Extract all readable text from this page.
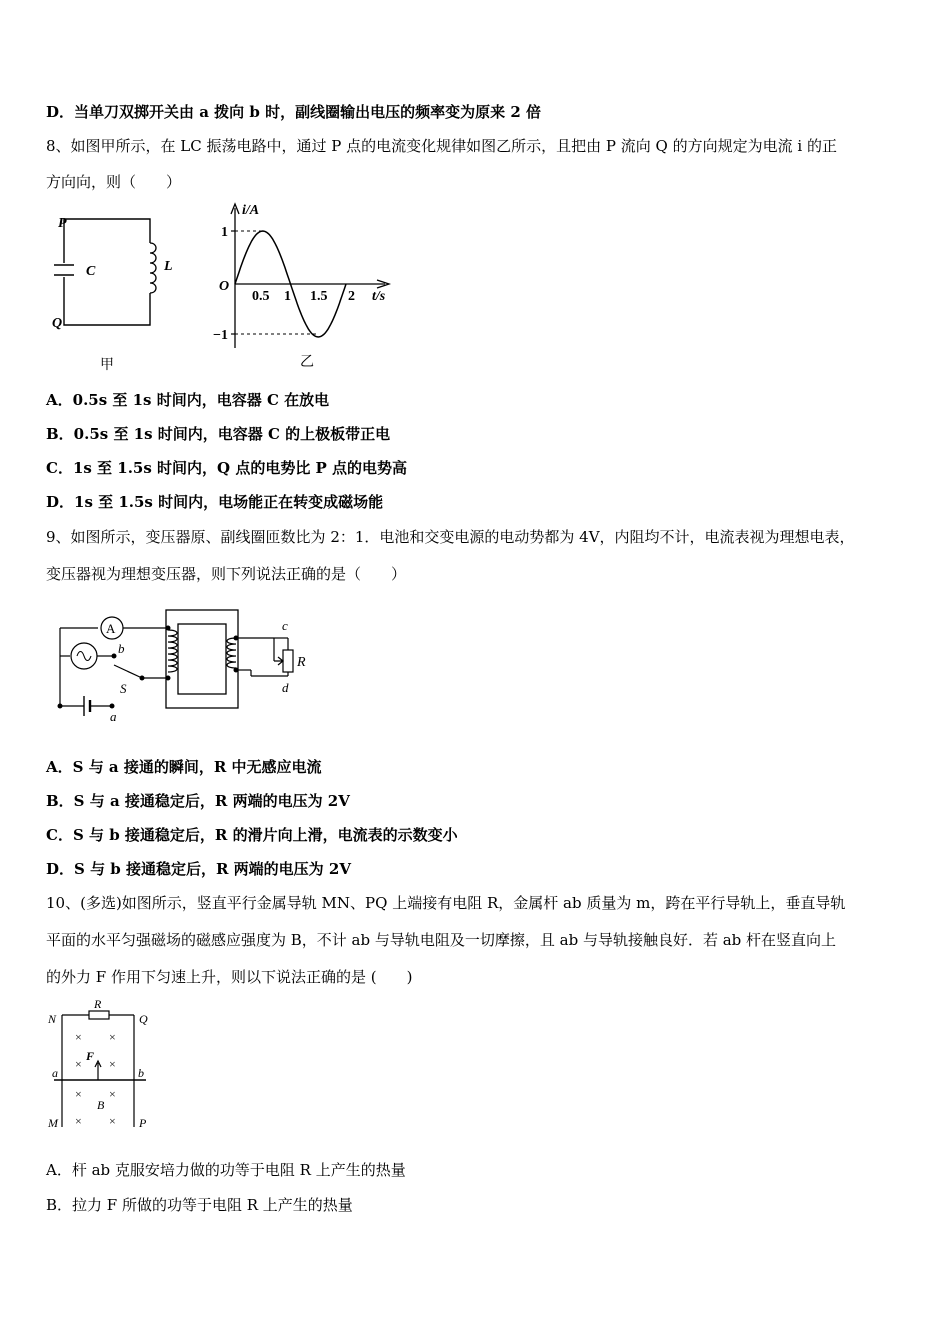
D．当单刀双掷开关由 a 拨向 b 时，副线圈输出电压的频率变为原来 2 倍
8、如图甲所示，在 LC 振荡电路中，通过 P 点的电流变化规律如图乙所示，且把由 P 流向 Q 的方向规定为电流 i 的正
方向向，则（　　）
P
C	L
Q
甲
i/A
t/s
O
1
−1
0.5 1 1.5 2
乙
A．0.5s 至 1s 时间内，电容器 C 在放电
B．0.5s 至 1s 时间内，电容器 C 的上极板带正电
C．1s 至 1.5s 时间内，Q 点的电势比 P 点的电势高
D．1s 至 1.5s 时间内，电场能正在转变成磁场能
9、如图所示，变压器原、副线圈匝数比为 2：1．电池和交变电源的电动势都为 4V，内阻均不计，电流表视为理想电表，
变压器视为理想变压器，则下列说法正确的是（　　）
A
b
S
a
c
R
d
A．S 与 a 接通的瞬间，R 中无感应电流
B．S 与 a 接通稳定后，R 两端的电压为 2V
C．S 与 b 接通稳定后，R 的滑片向上滑，电流表的示数变小
D．S 与 b 接通稳定后，R 两端的电压为 2V
10、(多选)如图所示，竖直平行金属导轨 MN、PQ 上端接有电阻 R，金属杆 ab 质量为 m，跨在平行导轨上，垂直导轨
平面的水平匀强磁场的磁感应强度为 B，不计 ab 与导轨电阻及一切摩擦，且 ab 与导轨接触良好．若 ab 杆在竖直向上
的外力 F 作用下匀速上升，则以下说法正确的是 (　　)
R
N	Q
a	b
F
× ×
× ×
× ×
B
× ×
M	P
A．杆 ab 克服安培力做的功等于电阻 R 上产生的热量
B．拉力 F 所做的功等于电阻 R 上产生的热量
